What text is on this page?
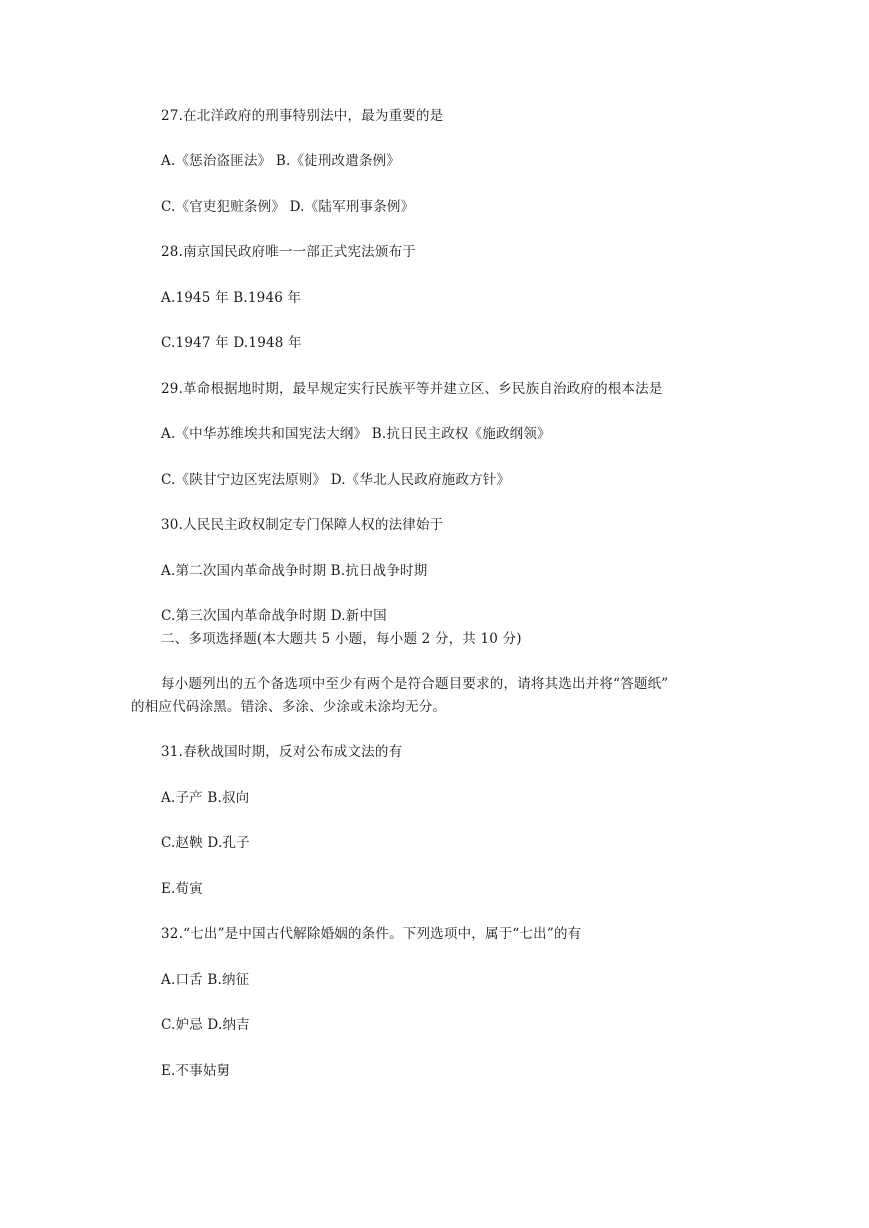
27.在北洋政府的刑事特别法中，最为重要的是
A.《惩治盗匪法》 B.《徒刑改遣条例》
C.《官吏犯赃条例》 D.《陆军刑事条例》
28.南京国民政府唯一一部正式宪法颁布于
A.1945 年 B.1946 年
C.1947 年 D.1948 年
29.革命根据地时期，最早规定实行民族平等并建立区、乡民族自治政府的根本法是
A.《中华苏维埃共和国宪法大纲》 B.抗日民主政权《施政纲领》
C.《陕甘宁边区宪法原则》 D.《华北人民政府施政方针》
30.人民民主政权制定专门保障人权的法律始于
A.第二次国内革命战争时期 B.抗日战争时期
C.第三次国内革命战争时期 D.新中国
二、多项选择题(本大题共 5 小题，每小题 2 分，共 10 分)
每小题列出的五个备选项中至少有两个是符合题目要求的，请将其选出并将“答题纸”
的相应代码涂黑。错涂、多涂、少涂或未涂均无分。
31.春秋战国时期，反对公布成文法的有
A.子产 B.叔向
C.赵鞅 D.孔子
E.荀寅
32.“七出”是中国古代解除婚姻的条件。下列选项中，属于“七出”的有
A.口舌 B.纳征
C.妒忌 D.纳吉
E.不事姑舅
